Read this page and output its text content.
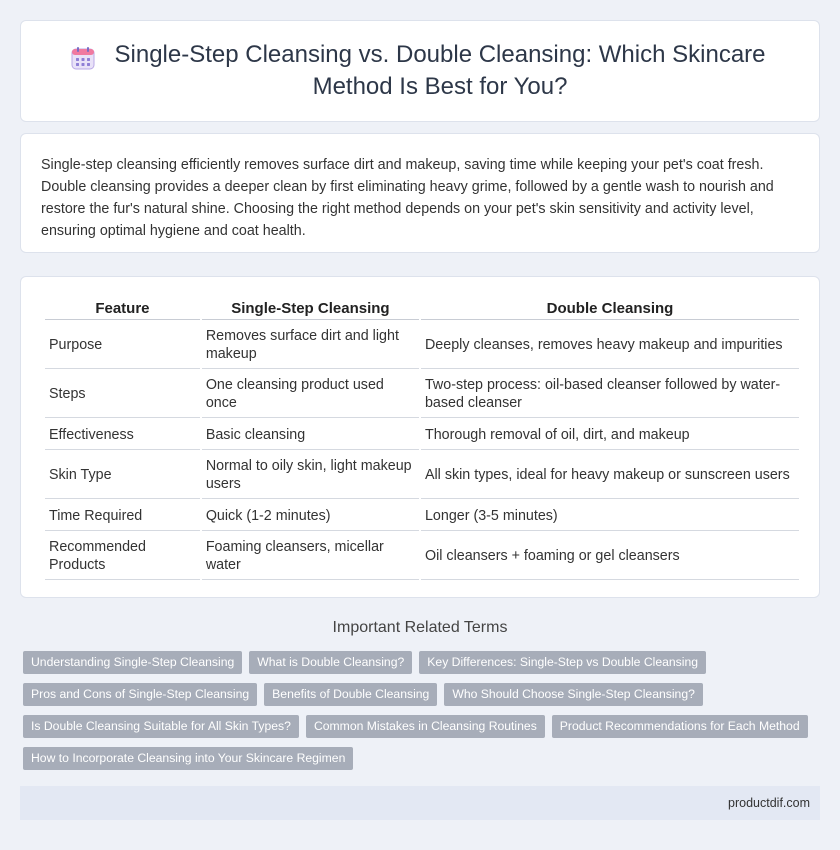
Single-Step Cleansing vs. Double Cleansing: Which Skincare Method Is Best for You?

Single-step cleansing efficiently removes surface dirt and makeup, saving time while keeping your pet's coat fresh. Double cleansing provides a deeper clean by first eliminating heavy grime, followed by a gentle wash to nourish and restore the fur's natural shine. Choosing the right method depends on your pet's skin sensitivity and activity level, ensuring optimal hygiene and coat health.

Feature	Single-Step Cleansing	Double Cleansing
Purpose	Removes surface dirt and light makeup	Deeply cleanses, removes heavy makeup and impurities
Steps	One cleansing product used once	Two-step process: oil-based cleanser followed by water-based cleanser
Effectiveness	Basic cleansing	Thorough removal of oil, dirt, and makeup
Skin Type	Normal to oily skin, light makeup users	All skin types, ideal for heavy makeup or sunscreen users
Time Required	Quick (1-2 minutes)	Longer (3-5 minutes)
Recommended Products	Foaming cleansers, micellar water	Oil cleansers + foaming or gel cleansers
Important Related Terms
Understanding Single-Step Cleansing	What is Double Cleansing?	Key Differences: Single-Step vs Double Cleansing
Pros and Cons of Single-Step Cleansing	Benefits of Double Cleansing	Who Should Choose Single-Step Cleansing?
Is Double Cleansing Suitable for All Skin Types?	Common Mistakes in Cleansing Routines	Product Recommendations for Each Method
How to Incorporate Cleansing into Your Skincare Regimen
productdif.com
